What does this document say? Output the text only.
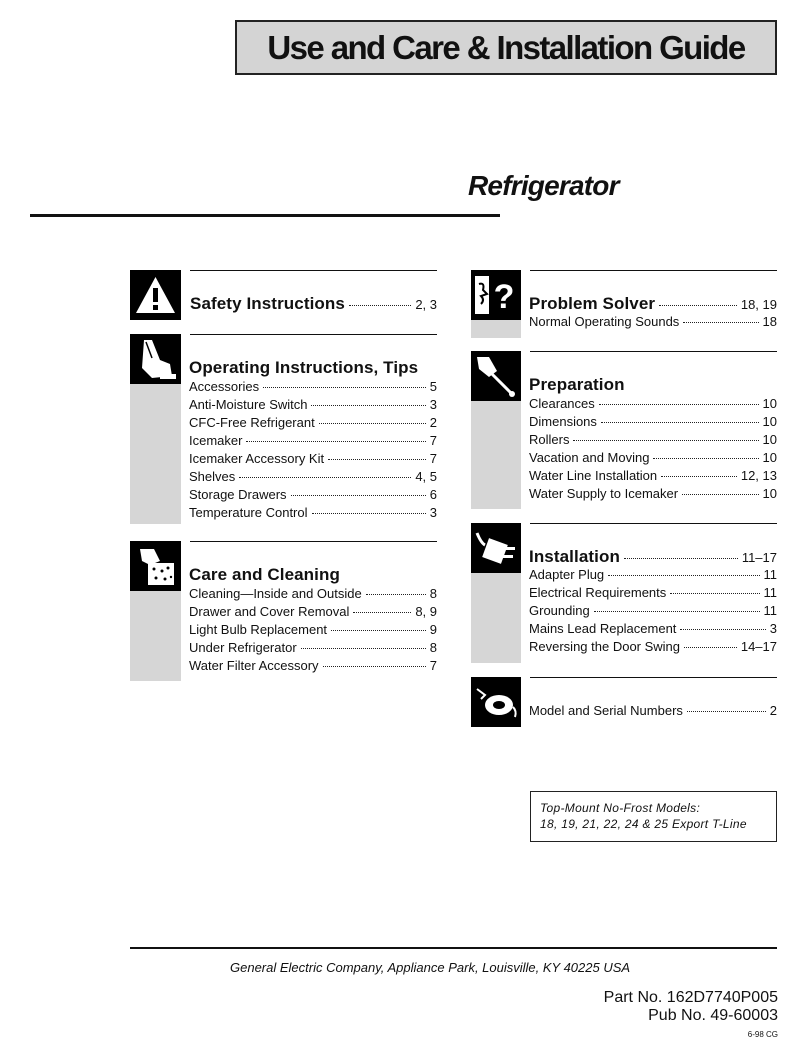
Use and Care & Installation Guide
Refrigerator
Safety Instructions	2, 3
Operating Instructions, Tips
Accessories	5
Anti-Moisture Switch	3
CFC-Free Refrigerant	2
Icemaker	7
Icemaker Accessory Kit	7
Shelves	4, 5
Storage Drawers	6
Temperature Control	3
Care and Cleaning
Cleaning—Inside and Outside	8
Drawer and Cover Removal	8, 9
Light Bulb Replacement	9
Under Refrigerator	8
Water Filter Accessory	7
? Problem Solver	18, 19
Normal Operating Sounds	18
Preparation
Clearances	10
Dimensions	10
Rollers	10
Vacation and Moving	10
Water Line Installation	12, 13
Water Supply to Icemaker	10
Installation	11–17
Adapter Plug	11
Electrical Requirements	11
Grounding	11
Mains Lead Replacement	3
Reversing the Door Swing	14–17
Model and Serial Numbers	2
Top-Mount No-Frost Models:
18, 19, 21, 22, 24 & 25 Export T-Line
General Electric Company, Appliance Park, Louisville, KY 40225 USA
Part No. 162D7740P005
Pub No. 49-60003
6-98 CG
